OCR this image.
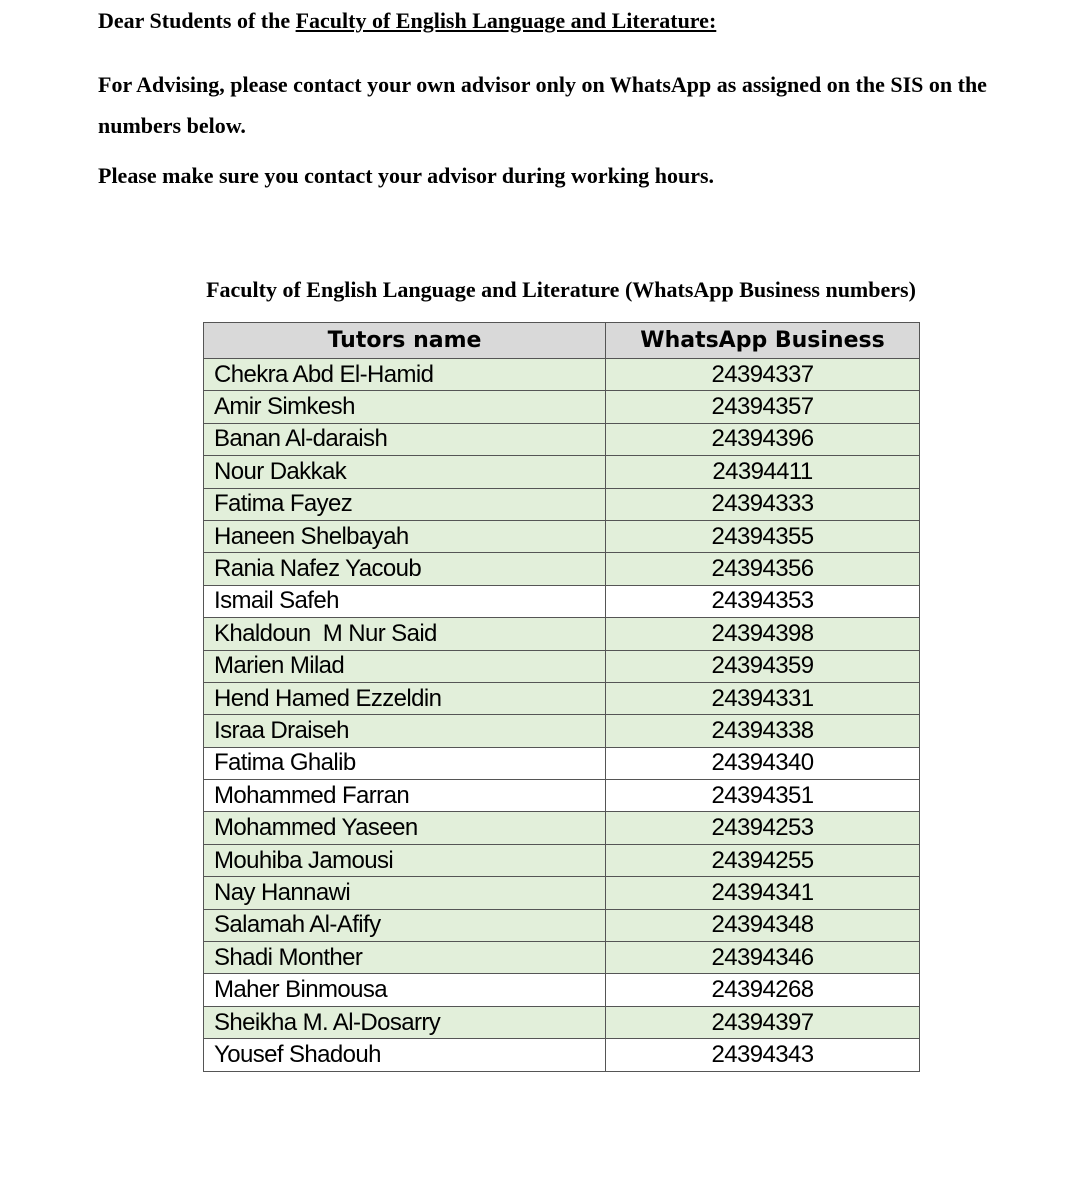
Dear Students of the Faculty of English Language and Literature:

For Advising, please contact your own advisor only on WhatsApp as assigned on the SIS on the numbers below.

Please make sure you contact your advisor during working hours.

Faculty of English Language and Literature (WhatsApp Business numbers)

Tutors name	WhatsApp Business
Chekra Abd El-Hamid	24394337
Amir Simkesh	24394357
Banan Al-daraish	24394396
Nour Dakkak	24394411
Fatima Fayez	24394333
Haneen Shelbayah	24394355
Rania Nafez Yacoub	24394356
Ismail Safeh	24394353
Khaldoun  M Nur Said	24394398
Marien Milad	24394359
Hend Hamed Ezzeldin	24394331
Israa Draiseh	24394338
Fatima Ghalib	24394340
Mohammed Farran	24394351
Mohammed Yaseen	24394253
Mouhiba Jamousi	24394255
Nay Hannawi	24394341
Salamah Al-Afify	24394348
Shadi Monther	24394346
Maher Binmousa	24394268
Sheikha M. Al-Dosarry	24394397
Yousef Shadouh	24394343
